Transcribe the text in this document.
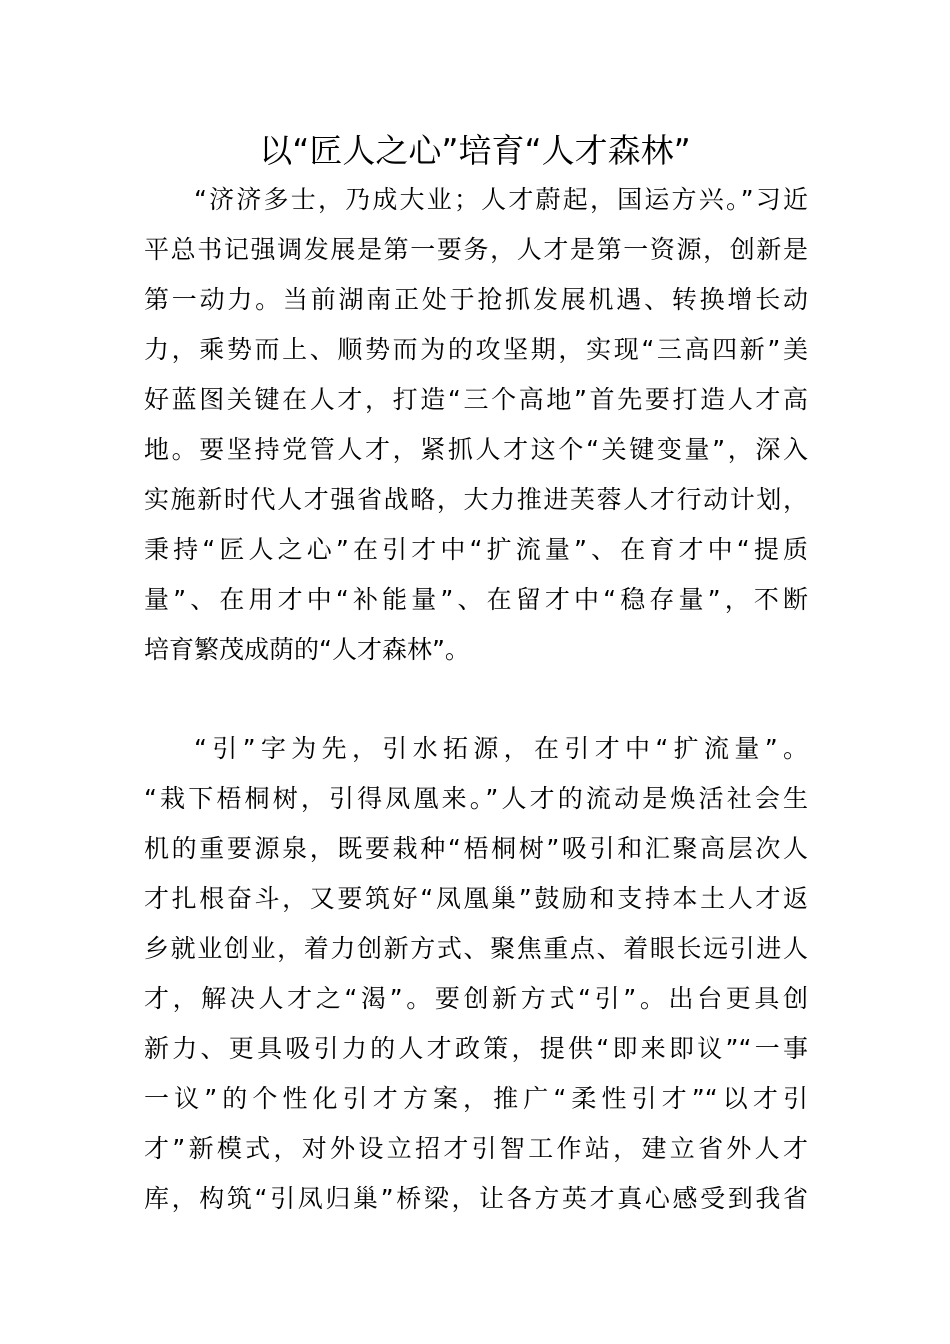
以“匠人之心”培育“人才森林”
“济济多士，乃成大业；人才蔚起，国运方兴。”习近
平总书记强调发展是第一要务，人才是第一资源，创新是
第一动力。当前湖南正处于抢抓发展机遇、转换增长动
力，乘势而上、顺势而为的攻坚期，实现“三高四新”美
好蓝图关键在人才，打造“三个高地”首先要打造人才高
地。要坚持党管人才，紧抓人才这个“关键变量”，深入
实施新时代人才强省战略，大力推进芙蓉人才行动计划，
秉持“匠人之心”在引才中“扩流量”、在育才中“提质
量”、在用才中“补能量”、在留才中“稳存量”，不断
培育繁茂成荫的“人才森林”。
“引”字为先，引水拓源，在引才中“扩流量”。
“栽下梧桐树，引得凤凰来。”人才的流动是焕活社会生
机的重要源泉，既要栽种“梧桐树”吸引和汇聚高层次人
才扎根奋斗，又要筑好“凤凰巢”鼓励和支持本土人才返
乡就业创业，着力创新方式、聚焦重点、着眼长远引进人
才，解决人才之“渴”。要创新方式“引”。出台更具创
新力、更具吸引力的人才政策，提供“即来即议”“一事
一议”的个性化引才方案，推广“柔性引才”“以才引
才”新模式，对外设立招才引智工作站，建立省外人才
库，构筑“引凤归巢”桥梁，让各方英才真心感受到我省
